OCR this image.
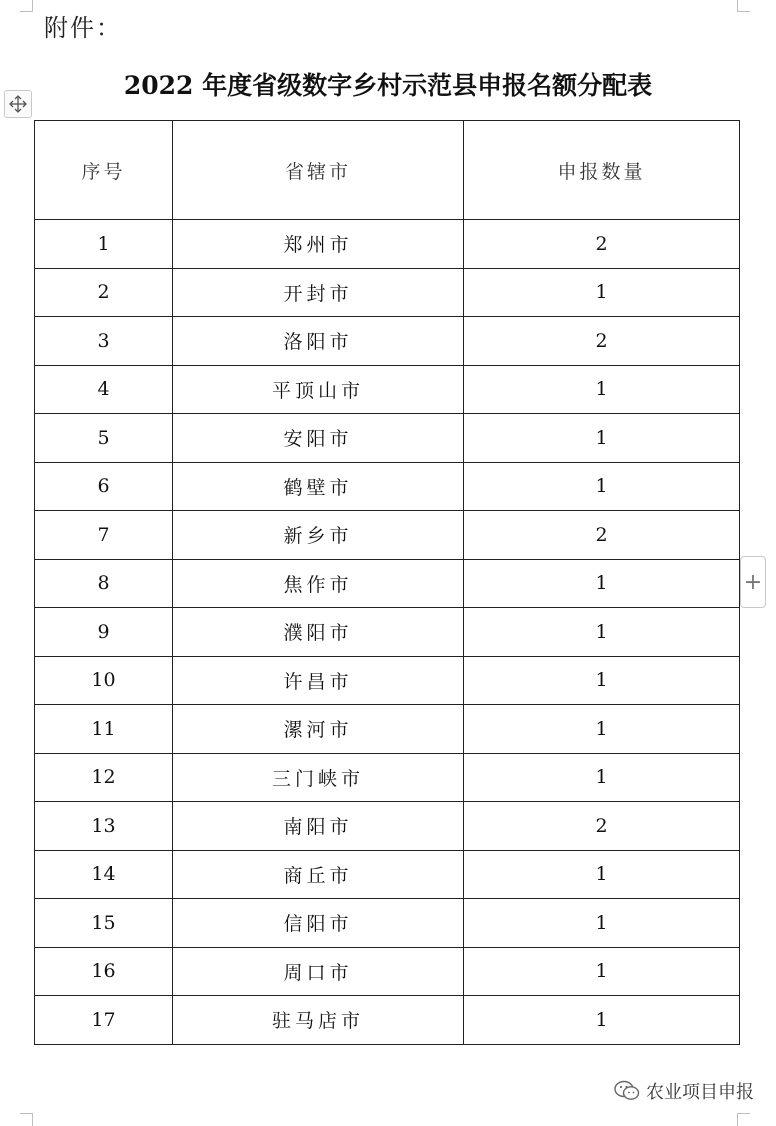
附件：
2022 年度省级数字乡村示范县申报名额分配表
序号	省辖市	申报数量
1	郑州市	2
2	开封市	1
3	洛阳市	2
4	平顶山市	1
5	安阳市	1
6	鹤壁市	1
7	新乡市	2
8	焦作市	1
9	濮阳市	1
10	许昌市	1
11	漯河市	1
12	三门峡市	1
13	南阳市	2
14	商丘市	1
15	信阳市	1
16	周口市	1
17	驻马店市	1
+
农业项目申报
